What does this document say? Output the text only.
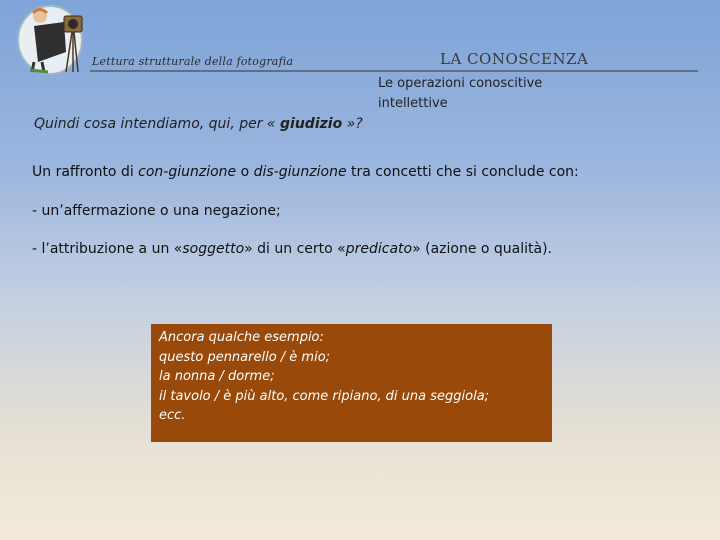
Lettura strutturale della fotografia	LA CONOSCENZA
Le operazioni conoscitive intellettive
Quindi cosa intendiamo, qui, per « giudizio »?
Un raffronto di con-giunzione o dis-giunzione tra concetti che si conclude con:
- un’affermazione o una negazione;
- l’attribuzione a un «soggetto» di un certo «predicato» (azione o qualità).
Ancora qualche esempio:
questo pennarello / è mio;
la nonna / dorme;
il tavolo / è più alto, come ripiano, di una seggiola;
ecc.
